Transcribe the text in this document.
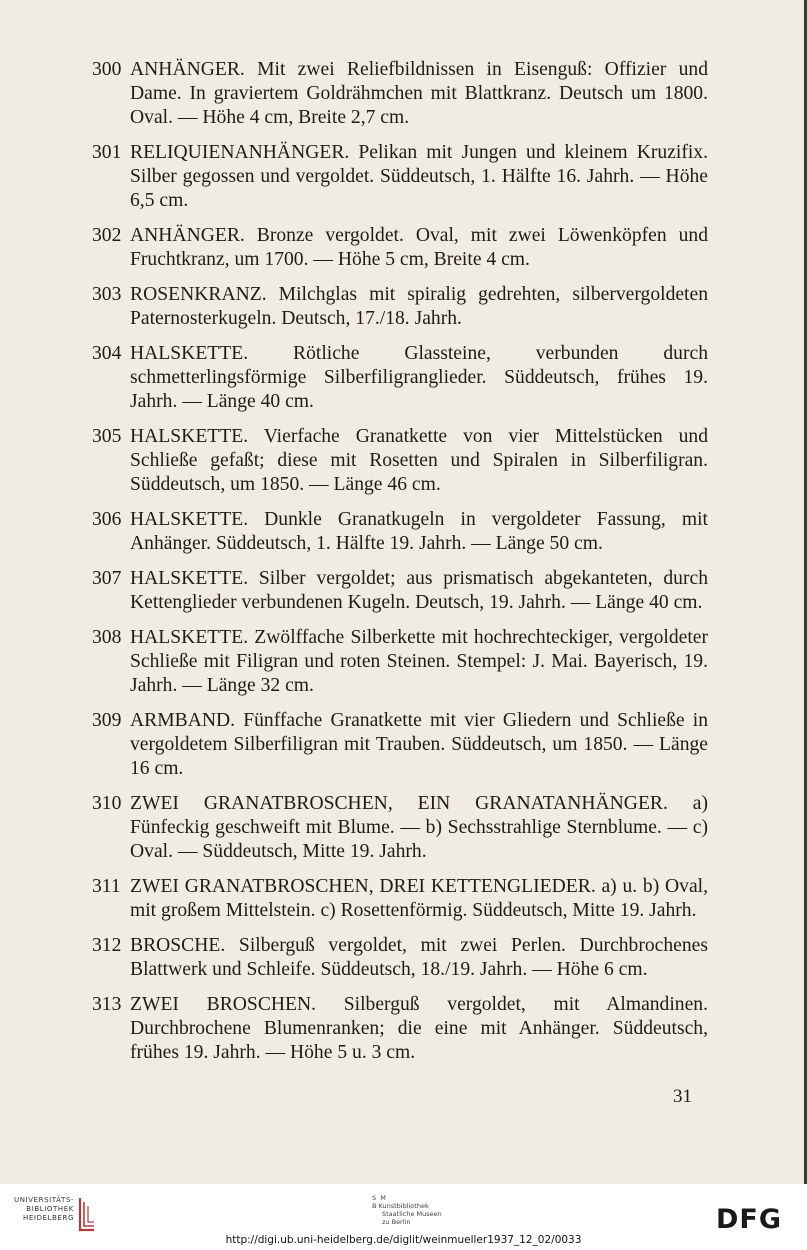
300 ANHÄNGER. Mit zwei Reliefbildnissen in Eisenguß: Offizier und Dame. In graviertem Goldrähmchen mit Blattkranz. Deutsch um 1800. Oval. — Höhe 4 cm, Breite 2,7 cm.
301 RELIQUIENANHÄNGER. Pelikan mit Jungen und kleinem Kruzifix. Silber gegossen und vergoldet. Süddeutsch, 1. Hälfte 16. Jahrh. — Höhe 6,5 cm.
302 ANHÄNGER. Bronze vergoldet. Oval, mit zwei Löwenköpfen und Fruchtkranz, um 1700. — Höhe 5 cm, Breite 4 cm.
303 ROSENKRANZ. Milchglas mit spiralig gedrehten, silbervergoldeten Paternosterkugeln. Deutsch, 17./18. Jahrh.
304 HALSKETTE. Rötliche Glassteine, verbunden durch schmetterlingsförmige Silberfiligranglieder. Süddeutsch, frühes 19. Jahrh. — Länge 40 cm.
305 HALSKETTE. Vierfache Granatkette von vier Mittelstücken und Schließe gefaßt; diese mit Rosetten und Spiralen in Silberfiligran. Süddeutsch, um 1850. — Länge 46 cm.
306 HALSKETTE. Dunkle Granatkugeln in vergoldeter Fassung, mit Anhänger. Süddeutsch, 1. Hälfte 19. Jahrh. — Länge 50 cm.
307 HALSKETTE. Silber vergoldet; aus prismatisch abgekanteten, durch Kettenglieder verbundenen Kugeln. Deutsch, 19. Jahrh. — Länge 40 cm.
308 HALSKETTE. Zwölffache Silberkette mit hochrechteckiger, vergoldeter Schließe mit Filigran und roten Steinen. Stempel: J. Mai. Bayerisch, 19. Jahrh. — Länge 32 cm.
309 ARMBAND. Fünffache Granatkette mit vier Gliedern und Schließe in vergoldetem Silberfiligran mit Trauben. Süddeutsch, um 1850. — Länge 16 cm.
310 ZWEI GRANATBROSCHEN, EIN GRANATANHÄNGER. a) Fünfeckig geschweift mit Blume. — b) Sechsstrahlige Sternblume. — c) Oval. — Süddeutsch, Mitte 19. Jahrh.
311 ZWEI GRANATBROSCHEN, DREI KETTENGLIEDER. a) u. b) Oval, mit großem Mittelstein. c) Rosettenförmig. Süddeutsch, Mitte 19. Jahrh.
312 BROSCHE. Silberguß vergoldet, mit zwei Perlen. Durchbrochenes Blattwerk und Schleife. Süddeutsch, 18./19. Jahrh. — Höhe 6 cm.
313 ZWEI BROSCHEN. Silberguß vergoldet, mit Almandinen. Durchbrochene Blumenranken; die eine mit Anhänger. Süddeutsch, frühes 19. Jahrh. — Höhe 5 u. 3 cm.
31
UNIVERSITÄTS-
BIBLIOTHEK
HEIDELBERG
S M
B Kunstbibliothek
Staatliche Museen
zu Berlin	DFG
http://digi.ub.uni-heidelberg.de/diglit/weinmueller1937_12_02/0033
